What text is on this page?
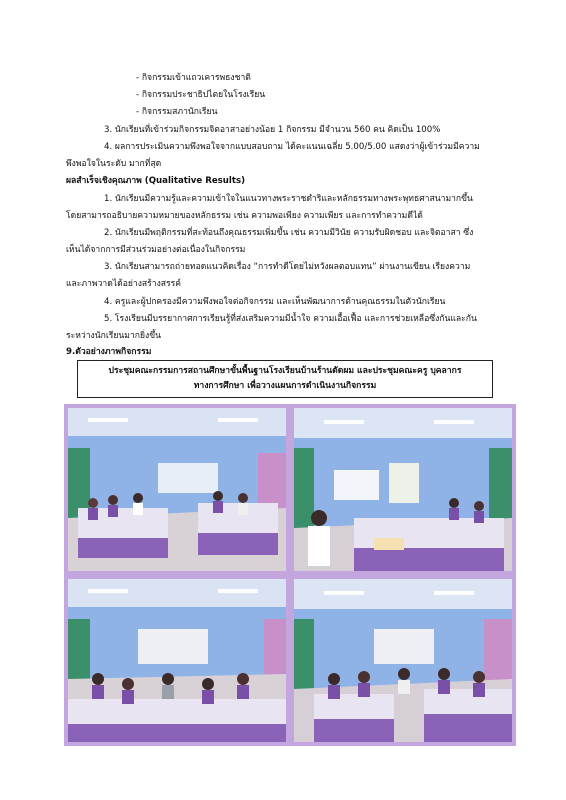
- กิจกรรมเข้าแถวเคารพธงชาติ
- กิจกรรมประชาธิปไตยในโรงเรียน
- กิจกรรมสภานักเรียน
3. นักเรียนที่เข้าร่วมกิจกรรมจิตอาสาอย่างน้อย 1 กิจกรรม มีจำนวน 560 คน คิดเป็น 100%
4. ผลการประเมินความพึงพอใจจากแบบสอบถาม ได้คะแนนเฉลี่ย 5.00/5.00 แสดงว่าผู้เข้าร่วมมีความ
พึงพอใจในระดับ มากที่สุด
ผลสำเร็จเชิงคุณภาพ (Qualitative Results)
1. นักเรียนมีความรู้และความเข้าใจในแนวทางพระราชดำริและหลักธรรมทางพระพุทธศาสนามากขึ้น
โดยสามารถอธิบายความหมายของหลักธรรม เช่น ความพอเพียง ความเพียร และการทำความดีได้
2. นักเรียนมีพฤติกรรมที่สะท้อนถึงคุณธรรมเพิ่มขึ้น เช่น ความมีวินัย ความรับผิดชอบ และจิตอาสา ซึ่ง
เห็นได้จากการมีส่วนร่วมอย่างต่อเนื่องในกิจกรรม
3. นักเรียนสามารถถ่ายทอดแนวคิดเรื่อง “การทำดีโดยไม่หวังผลตอบแทน” ผ่านงานเขียน เรียงความ
และภาพวาดได้อย่างสร้างสรรค์
4. ครูและผู้ปกครองมีความพึงพอใจต่อกิจกรรม และเห็นพัฒนาการด้านคุณธรรมในตัวนักเรียน
5. โรงเรียนมีบรรยากาศการเรียนรู้ที่ส่งเสริมความมีน้ำใจ ความเอื้อเฟื้อ และการช่วยเหลือซึ่งกันและกัน
ระหว่างนักเรียนมากยิ่งขึ้น
9.ตัวอย่างภาพกิจกรรม
ประชุมคณะกรรมการสถานศึกษาขั้นพื้นฐานโรงเรียนบ้านร้านตัดผม และประชุมคณะครู บุคลากร
ทางการศึกษา เพื่อวางแผนการดำเนินงานกิจกรรม
